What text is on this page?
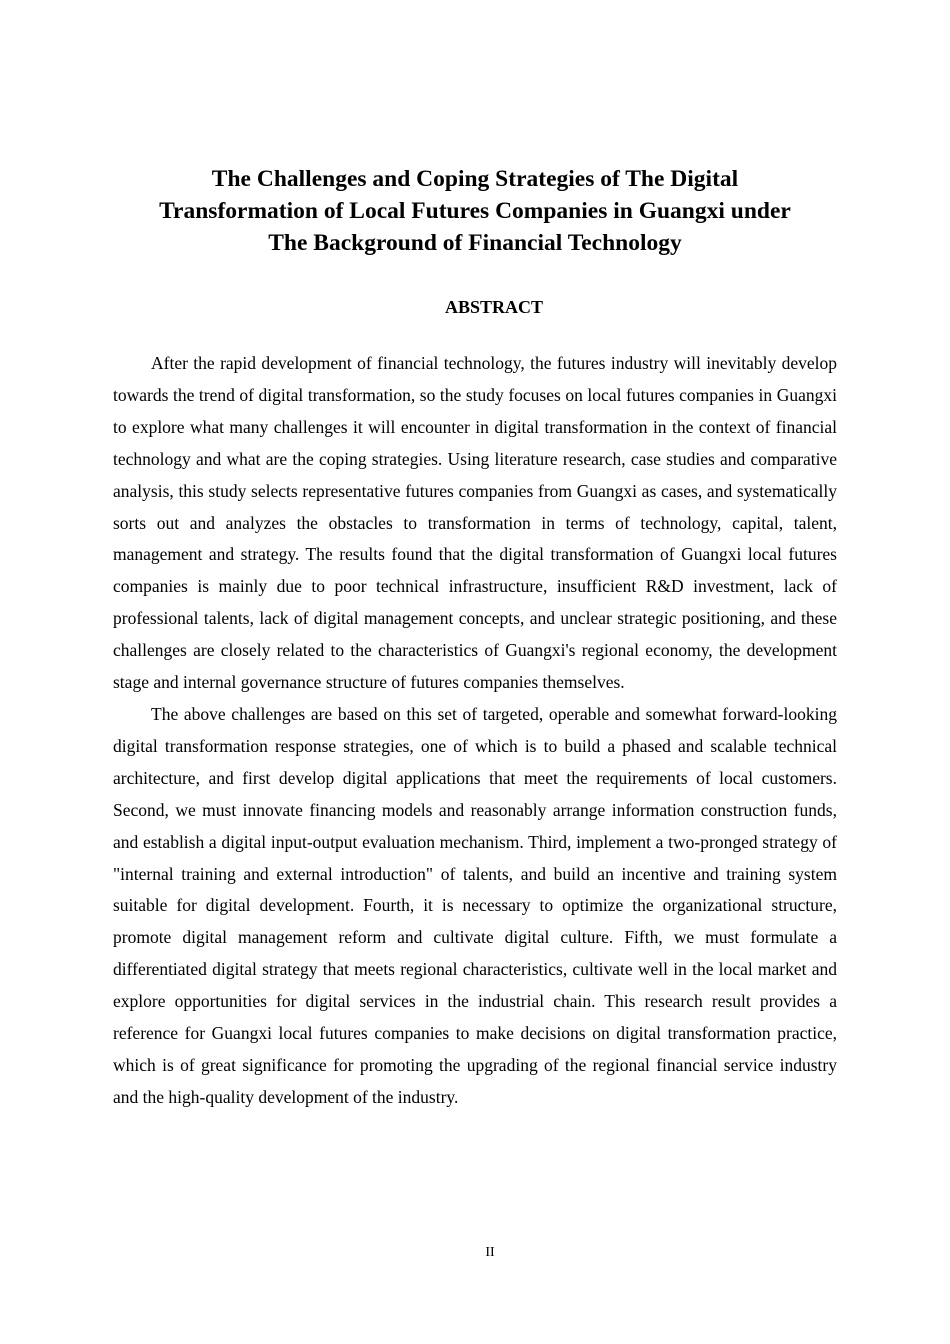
The Challenges and Coping Strategies of The Digital
Transformation of Local Futures Companies in Guangxi under
The Background of Financial Technology
ABSTRACT

After the rapid development of financial technology, the futures industry will inevitably develop towards the trend of digital transformation, so the study focuses on local futures companies in Guangxi to explore what many challenges it will encounter in digital transformation in the context of financial technology and what are the coping strategies. Using literature research, case studies and comparative analysis, this study selects representative futures companies from Guangxi as cases, and systematically sorts out and analyzes the obstacles to transformation in terms of technology, capital, talent, management and strategy. The results found that the digital transformation of Guangxi local futures companies is mainly due to poor technical infrastructure, insufficient R&D investment, lack of professional talents, lack of digital management concepts, and unclear strategic positioning, and these challenges are closely related to the characteristics of Guangxi's regional economy, the development stage and internal governance structure of futures companies themselves.

The above challenges are based on this set of targeted, operable and somewhat forward-looking digital transformation response strategies, one of which is to build a phased and scalable technical architecture, and first develop digital applications that meet the requirements of local customers. Second, we must innovate financing models and reasonably arrange information construction funds, and establish a digital input-output evaluation mechanism. Third, implement a two-pronged strategy of "internal training and external introduction" of talents, and build an incentive and training system suitable for digital development. Fourth, it is necessary to optimize the organizational structure, promote digital management reform and cultivate digital culture. Fifth, we must formulate a differentiated digital strategy that meets regional characteristics, cultivate well in the local market and explore opportunities for digital services in the industrial chain. This research result provides a reference for Guangxi local futures companies to make decisions on digital transformation practice, which is of great significance for promoting the upgrading of the regional financial service industry and the high-quality development of the industry.

II
